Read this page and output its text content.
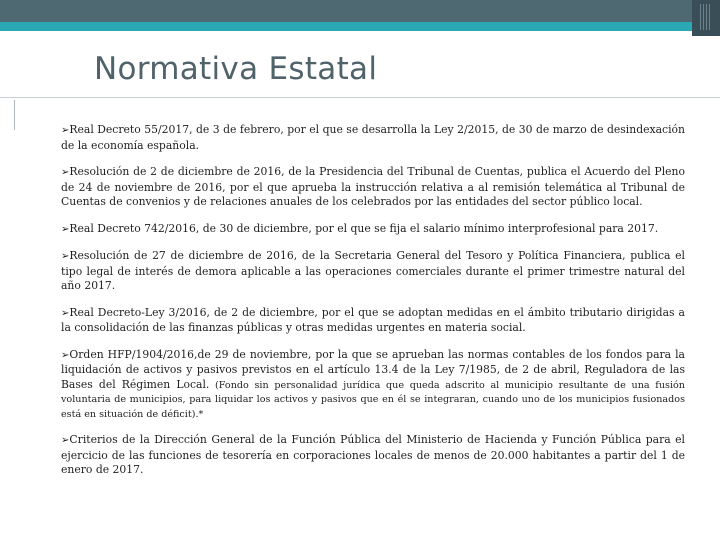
Normativa Estatal

➢Real Decreto 55/2017, de 3 de febrero, por el que se desarrolla la Ley 2/2015, de 30 de marzo de desindexación de la economía española.

➢Resolución de 2 de diciembre de 2016, de la Presidencia del Tribunal de Cuentas, publica el Acuerdo del Pleno de 24 de noviembre de 2016, por el que aprueba la instrucción relativa a al remisión telemática al Tribunal de Cuentas de convenios y de relaciones anuales de los celebrados por las entidades del sector público local.

➢Real Decreto 742/2016, de 30 de diciembre, por el que se fija el salario mínimo interprofesional para 2017.

➢Resolución de 27 de diciembre de 2016, de la Secretaria General del Tesoro y Política Financiera, publica el tipo legal de interés de demora aplicable a las operaciones comerciales durante el primer trimestre natural del año 2017.

➢Real Decreto-Ley 3/2016, de 2 de diciembre, por el que se adoptan medidas en el ámbito tributario dirigidas a la consolidación de las finanzas públicas y otras medidas urgentes en materia social.

➢Orden HFP/1904/2016,de 29 de noviembre, por la que se aprueban las normas contables de los fondos para la liquidación de activos y pasivos previstos en el artículo 13.4 de la Ley 7/1985, de 2 de abril, Reguladora de las Bases del Régimen Local. (Fondo sin personalidad jurídica que queda adscrito al municipio resultante de una fusión voluntaria de municipios, para liquidar los activos y pasivos que en él se integraran, cuando uno de los municipios fusionados está en situación de déficit).*

➢Criterios de la Dirección General de la Función Pública del Ministerio de Hacienda y Función Pública para el ejercicio de las funciones de tesorería en corporaciones locales de menos de 20.000 habitantes a partir del 1 de enero de 2017.
